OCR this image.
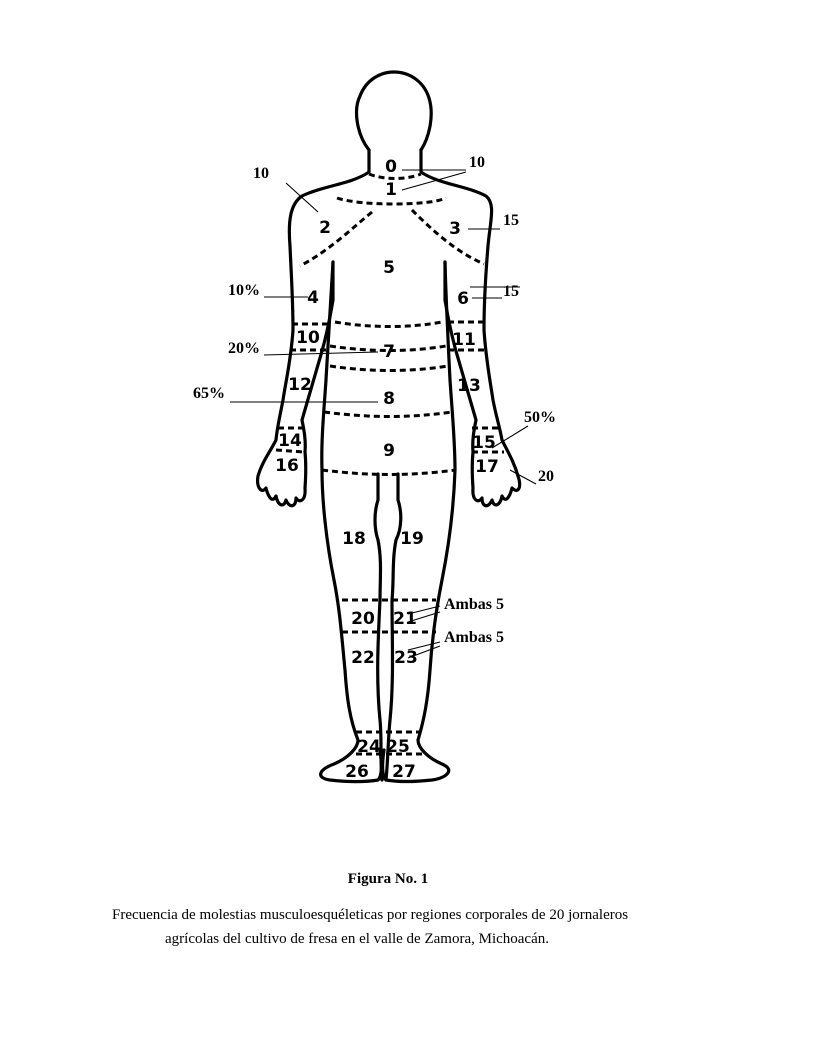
0
1
2	3
4
5
6
7
8
9
10	11
12	13
14	15
16	17
18 19
20 21
22 23
24 25
26 27
10
10
15
10%	15
20%
65%
50%
20
Ambas 5
Ambas 5
Figura No. 1
Frecuencia de molestias musculoesquéleticas por regiones corporales de 20 jornaleros
agrícolas del cultivo de fresa en el valle de Zamora, Michoacán.
